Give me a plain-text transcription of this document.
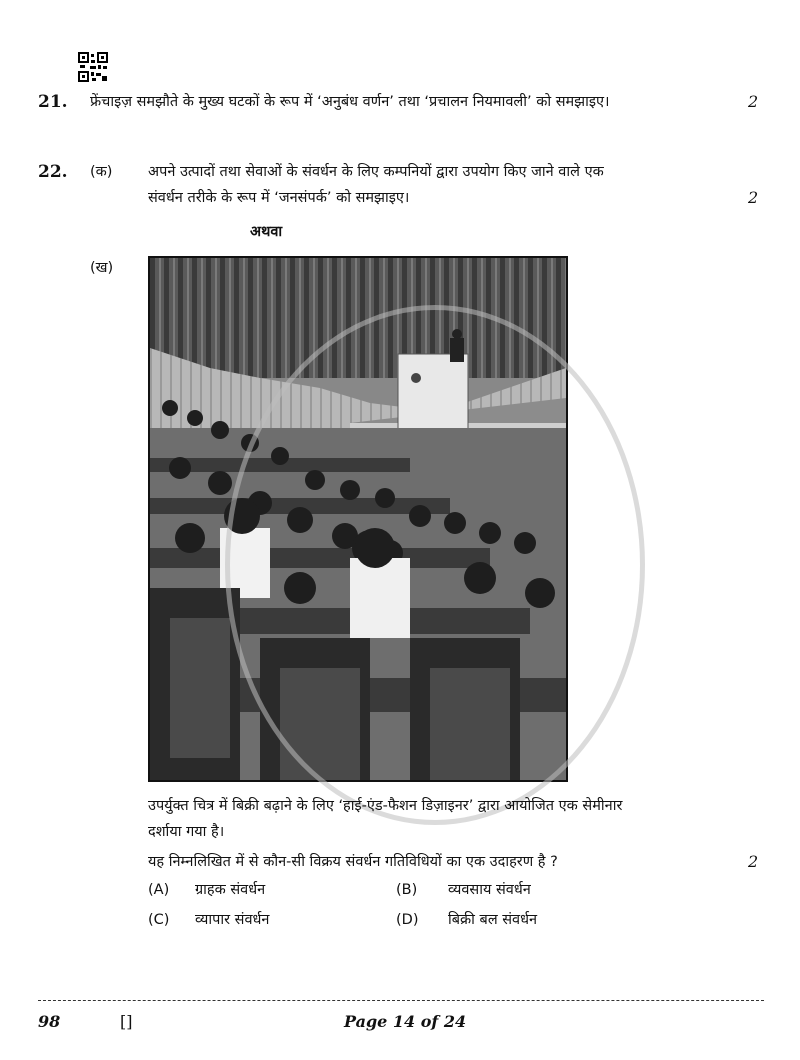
21. फ्रेंचाइज़ समझौते के मुख्य घटकों के रूप में ‘अनुबंध वर्णन’ तथा ‘प्रचालन नियमावली’ को समझाइए।	2
22. (क) अपने उत्पादों तथा सेवाओं के संवर्धन के लिए कम्पनियों द्वारा उपयोग किए जाने वाले एक
संवर्धन तरीके के रूप में ‘जनसंपर्क’ को समझाइए।	2
अथवा
(ख)
उपर्युक्त चित्र में बिक्री बढ़ाने के लिए ‘हाई-एंड-फैशन डिज़ाइनर’ द्वारा आयोजित एक सेमीनार
दर्शाया गया है।
यह निम्नलिखित में से कौन-सी विक्रय संवर्धन गतिविधियों का एक उदाहरण है ?	2
(A) ग्राहक संवर्धन	(B) व्यवसाय संवर्धन
(C) व्यापार संवर्धन	(D) बिक्री बल संवर्धन
98	[]	Page 14 of 24
